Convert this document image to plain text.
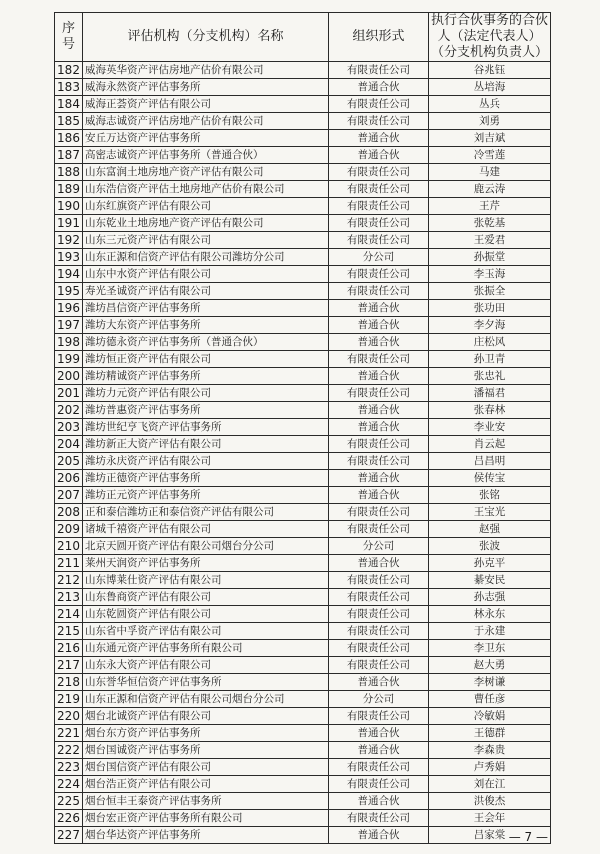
序号	评估机构（分支机构）名称	组织形式	执行合伙事务的合伙人（法定代表人）（分支机构负责人）
182	威海英华资产评估房地产估价有限公司	有限责任公司	谷兆钰
183	威海永然资产评估事务所	普通合伙	丛培海
184	威海正荟资产评估有限公司	有限责任公司	丛兵
185	威海志诚资产评估房地产估价有限公司	有限责任公司	刘勇
186	安丘万达资产评估事务所	普通合伙	刘吉斌
187	高密志诚资产评估事务所（普通合伙）	普通合伙	冷雪莲
188	山东富润土地房地产资产评估有限公司	有限责任公司	马建
189	山东浩信资产评估土地房地产估价有限公司	有限责任公司	鹿云涛
190	山东红旗资产评估有限公司	有限责任公司	王芹
191	山东乾业土地房地产资产评估有限公司	有限责任公司	张乾基
192	山东三元资产评估有限公司	有限责任公司	王爱君
193	山东正源和信资产评估有限公司潍坊分公司	分公司	孙振堂
194	山东中水资产评估有限公司	有限责任公司	李玉海
195	寿光圣诚资产评估有限公司	有限责任公司	张振全
196	潍坊昌信资产评估事务所	普通合伙	张功田
197	潍坊大东资产评估事务所	普通合伙	李夕海
198	潍坊德永资产评估事务所（普通合伙）	普通合伙	庄松风
199	潍坊恒正资产评估有限公司	有限责任公司	孙卫青
200	潍坊精诚资产评估事务所	普通合伙	张忠礼
201	潍坊力元资产评估有限公司	有限责任公司	潘福君
202	潍坊普惠资产评估事务所	普通合伙	张春林
203	潍坊世纪亨飞资产评估事务所	普通合伙	李业安
204	潍坊新正大资产评估有限公司	有限责任公司	肖云起
205	潍坊永庆资产评估有限公司	有限责任公司	吕昌明
206	潍坊正德资产评估事务所	普通合伙	侯传宝
207	潍坊正元资产评估事务所	普通合伙	张铭
208	正和泰信潍坊正和泰信资产评估有限公司	有限责任公司	王宝光
209	诸城千禧资产评估有限公司	有限责任公司	赵强
210	北京天圆开资产评估有限公司烟台分公司	分公司	张波
211	莱州天润资产评估事务所	普通合伙	孙克平
212	山东博莱仕资产评估有限公司	有限责任公司	綦安民
213	山东鲁商资产评估有限公司	有限责任公司	孙志强
214	山东乾圆资产评估有限公司	有限责任公司	林永东
215	山东省中孚资产评估有限公司	有限责任公司	于永建
216	山东通元资产评估事务所有限公司	有限责任公司	李卫东
217	山东永大资产评估有限公司	有限责任公司	赵大勇
218	山东誉华恒信资产评估事务所	普通合伙	李树谦
219	山东正源和信资产评估有限公司烟台分公司	分公司	曹任彦
220	烟台北诚资产评估有限公司	有限责任公司	冷敏娟
221	烟台东方资产评估事务所	普通合伙	王德群
222	烟台国诚资产评估事务所	普通合伙	李森贵
223	烟台国信资产评估有限公司	有限责任公司	卢秀娟
224	烟台浩正资产评估有限公司	有限责任公司	刘在江
225	烟台恒丰王泰资产评估事务所	普通合伙	洪俊杰
226	烟台宏正资产评估事务所有限公司	有限责任公司	王会年
227	烟台华达资产评估事务所	普通合伙	吕家棠 — 7 —
